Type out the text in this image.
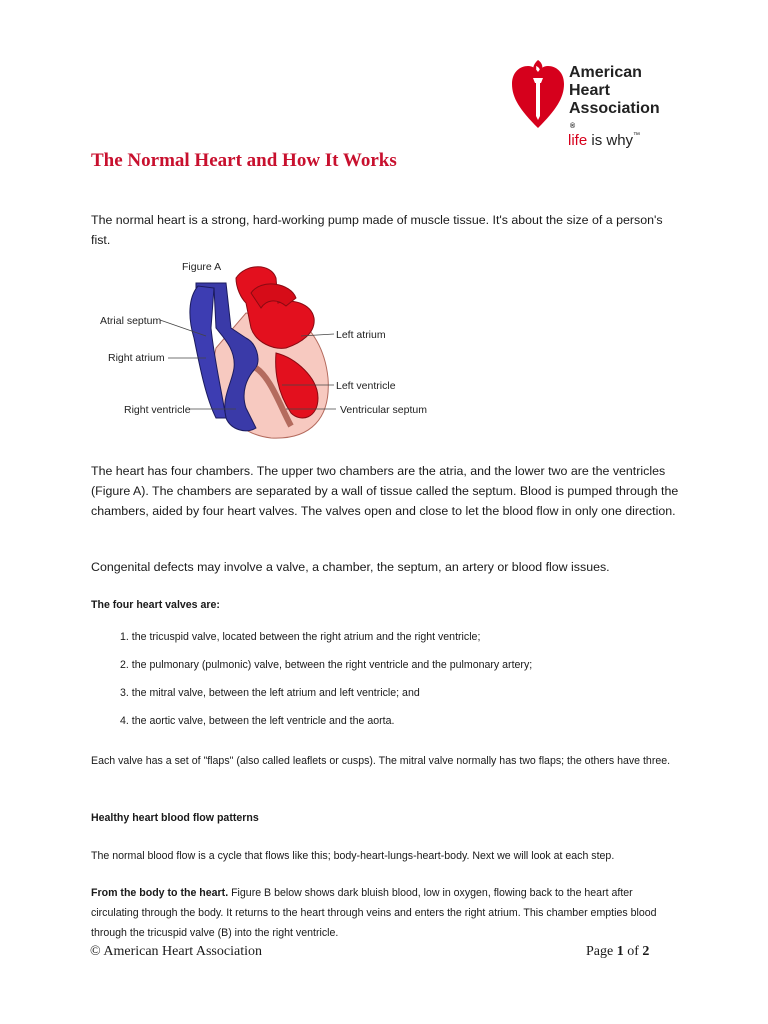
American
Heart
Association
®
life is why™
The Normal Heart and How It Works

The normal heart is a strong, hard-working pump made of muscle tissue. It's about the size of a person's fist.

Figure A
Atrial septum
Right atrium
Right ventricle
Left atrium
Left ventricle
Ventricular septum

The heart has four chambers. The upper two chambers are the atria, and the lower two are the ventricles (Figure A). The chambers are separated by a wall of tissue called the septum. Blood is pumped through the chambers, aided by four heart valves. The valves open and close to let the blood flow in only one direction.

Congenital defects may involve a valve, a chamber, the septum, an artery or blood flow issues.

The four heart valves are:

1. the tricuspid valve, located between the right atrium and the right ventricle;
2. the pulmonary (pulmonic) valve, between the right ventricle and the pulmonary artery;
3. the mitral valve, between the left atrium and left ventricle; and
4. the aortic valve, between the left ventricle and the aorta.

Each valve has a set of "flaps" (also called leaflets or cusps). The mitral valve normally has two flaps; the others have three.

Healthy heart blood flow patterns

The normal blood flow is a cycle that flows like this; body-heart-lungs-heart-body. Next we will look at each step.

From the body to the heart. Figure B below shows dark bluish blood, low in oxygen, flowing back to the heart after circulating through the body. It returns to the heart through veins and enters the right atrium. This chamber empties blood through the tricuspid valve (B) into the right ventricle.

© American Heart Association	Page 1 of 2
